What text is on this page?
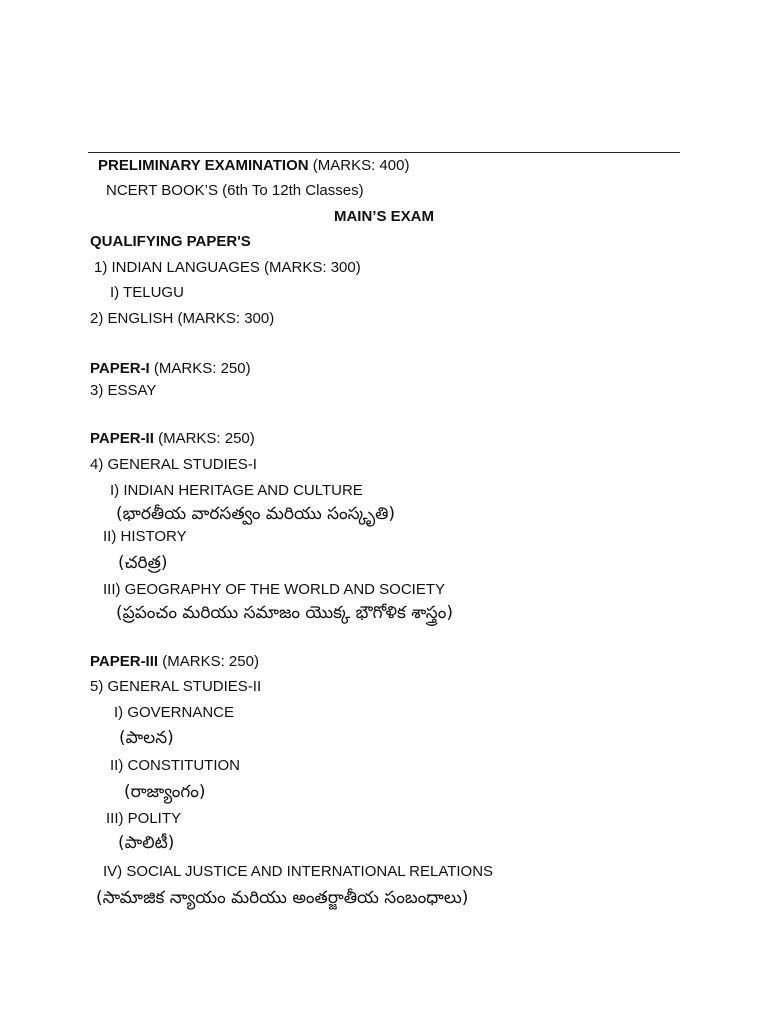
PRELIMINARY EXAMINATION (MARKS: 400)
NCERT BOOK’S (6th To 12th Classes)
MAIN’S EXAM
QUALIFYING PAPER'S
1) INDIAN LANGUAGES (MARKS: 300)
I) TELUGU
2) ENGLISH (MARKS: 300)
PAPER-I (MARKS: 250)
3) ESSAY
PAPER-II (MARKS: 250)
4) GENERAL STUDIES-I
I) INDIAN HERITAGE AND CULTURE
(భారతీయ వారసత్వం మరియు సంస్కృతి)
II) HISTORY
(చరిత్ర)
III) GEOGRAPHY OF THE WORLD AND SOCIETY
(ప్రపంచం మరియు సమాజం యొక్క భౌగోళిక శాస్త్రం)
PAPER-III (MARKS: 250)
5) GENERAL STUDIES-II
I) GOVERNANCE
(పాలన)
II) CONSTITUTION
(రాజ్యాంగం)
III) POLITY
(పాలిటీ)
IV) SOCIAL JUSTICE AND INTERNATIONAL RELATIONS
(సామాజిక న్యాయం మరియు అంతర్జాతీయ సంబంధాలు)
